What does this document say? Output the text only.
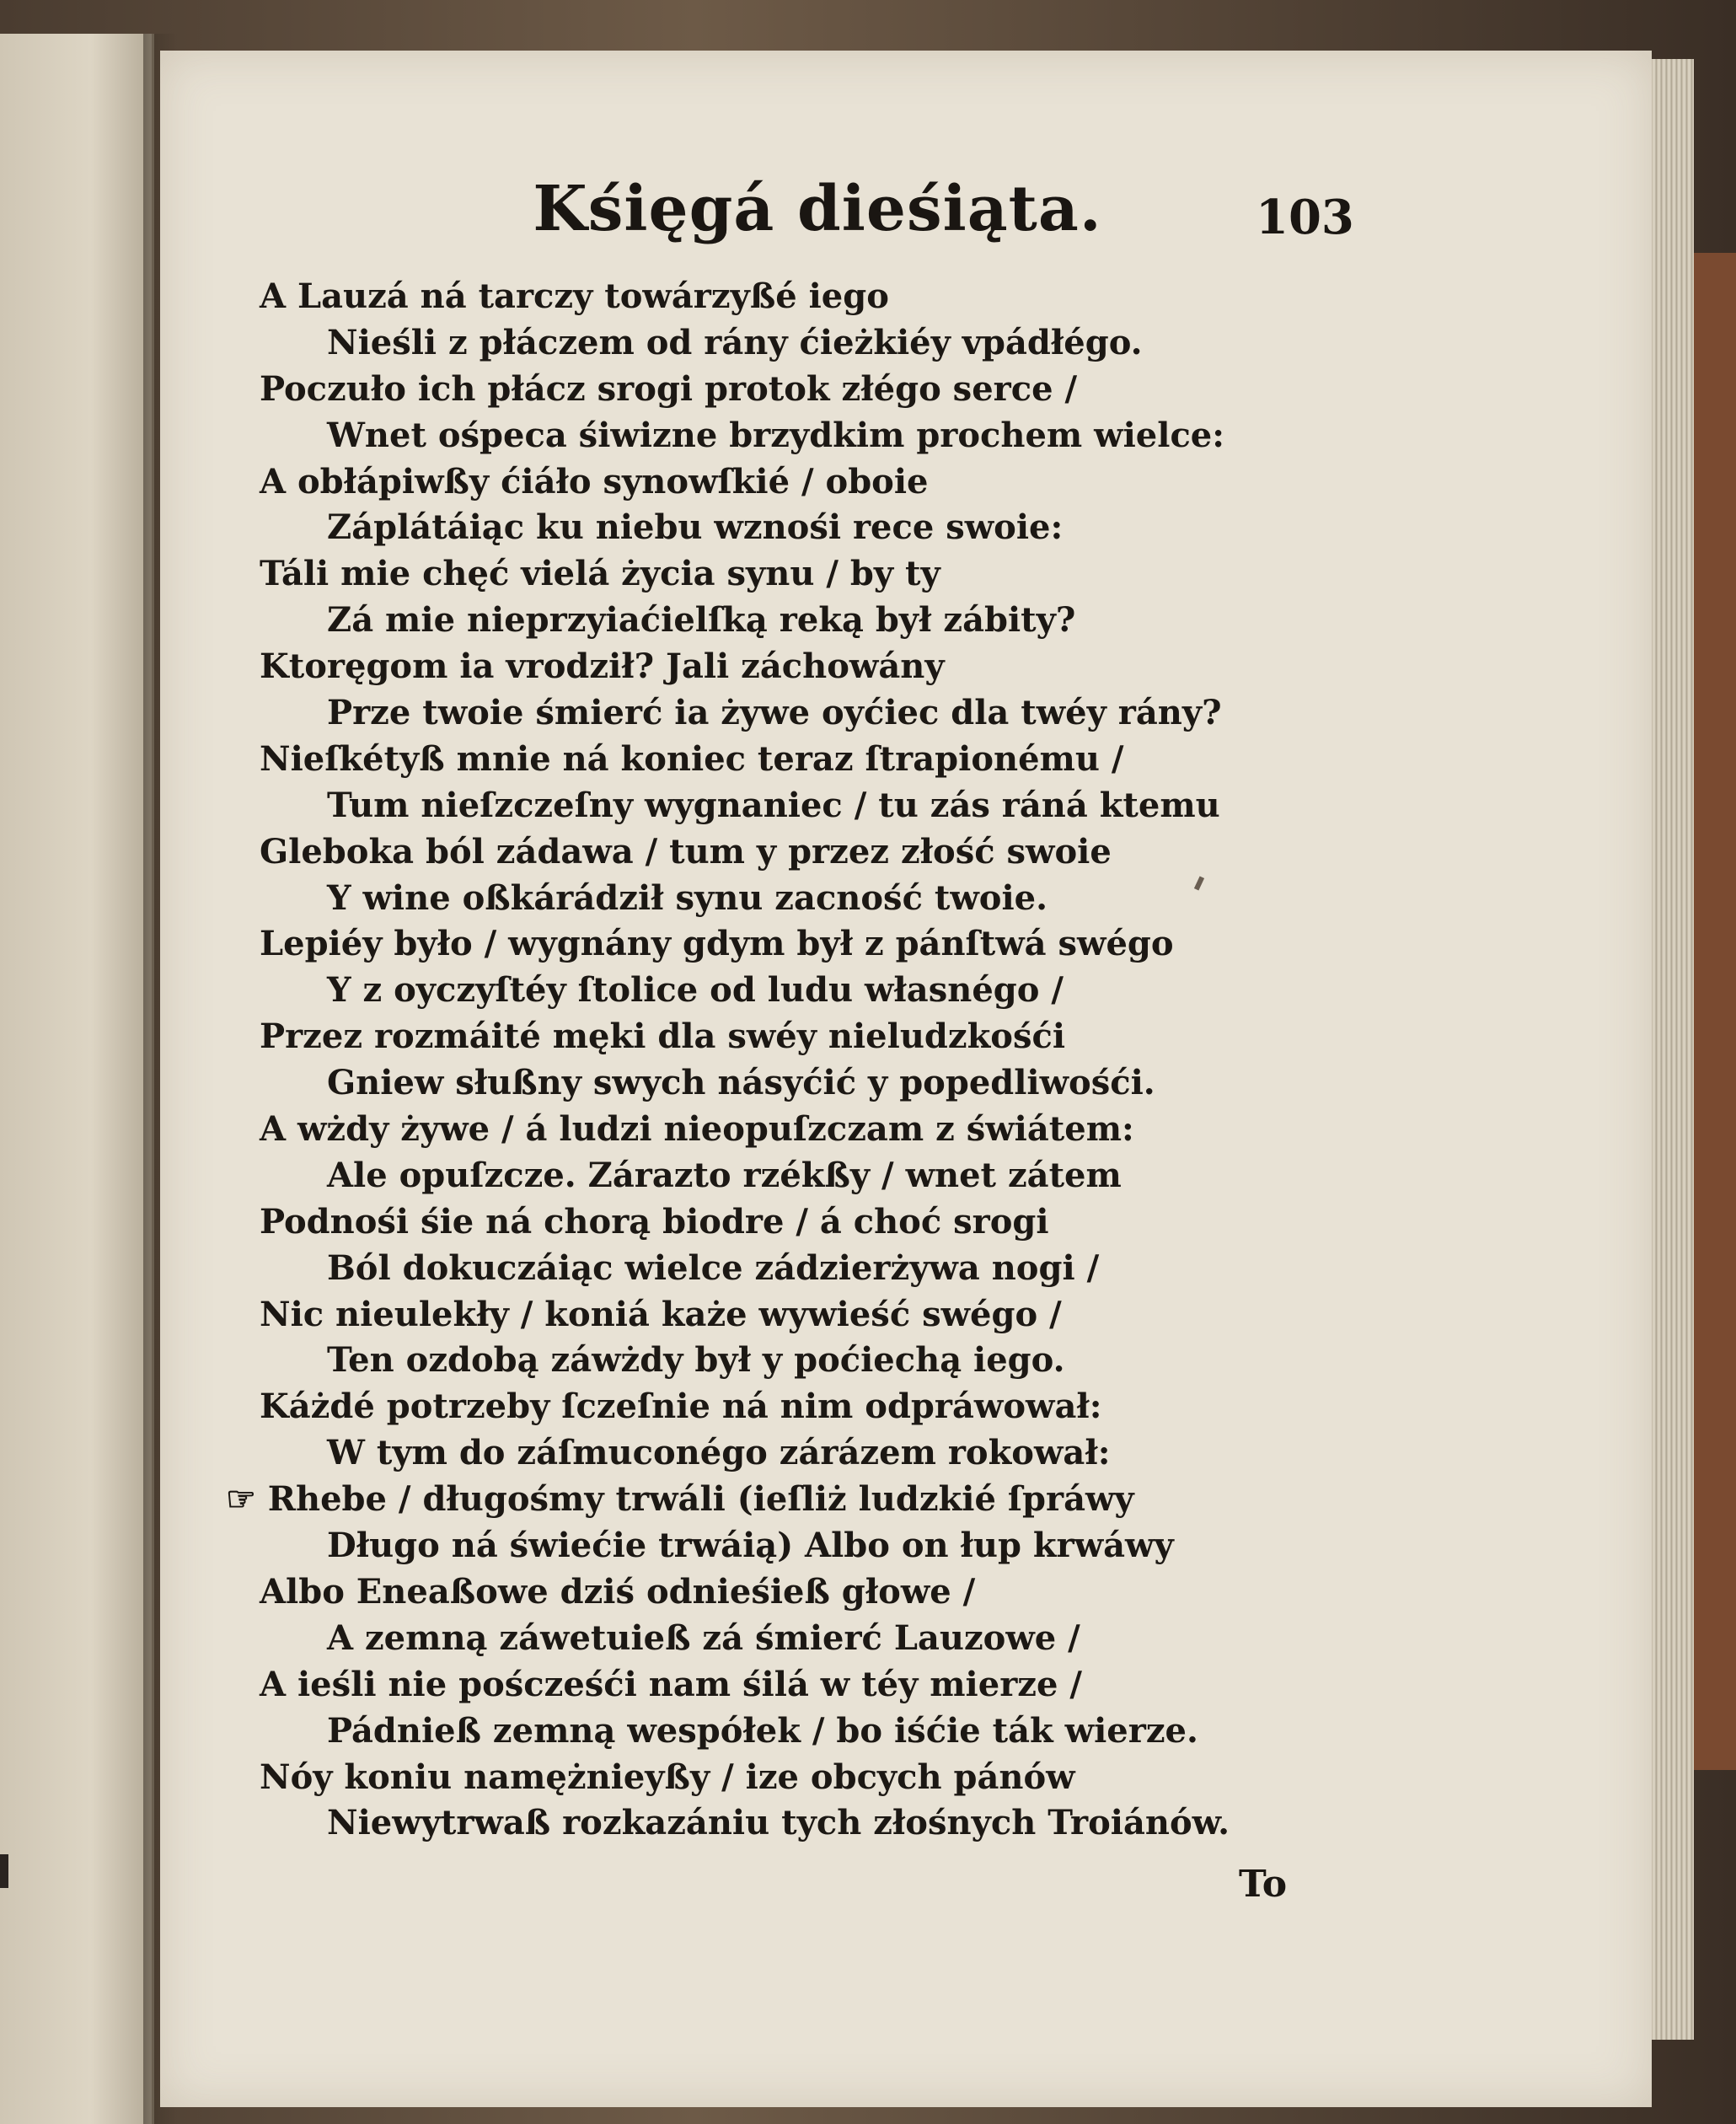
Kśięgá dieśiąta.	103
A Lauzá ná tarczy towárzyßé iego
Nieśli z płáczem od rány ćieżkiéy vpádłégo.
Poczuło ich płácz srogi protok złégo serce /
Wnet ośpeca śiwizne brzydkim prochem wielce:
A obłápiwßy ćiáło synowſkié / oboie
Záplátáiąc ku niebu wznośi rece swoie:
Táli mie chęć vielá życia synu / by ty
Zá mie nieprzyiaćielſką reką był zábity?
Ktoręgom ia vrodził? Jali záchowány
Prze twoie śmierć ia żywe oyćiec dla twéy rány?
Nieſkétyß mnie ná koniec teraz ſtrapionému /
Tum nieſzczeſny wygnaniec / tu zás ráná ktemu
Gleboka ból zádawa / tum y przez złość swoie
Y wine oßkárádził synu zacność twoie.
Lepiéy było / wygnány gdym był z pánſtwá swégo
Y z oyczyſtéy ſtolice od ludu własnégo /
Przez rozmáité męki dla swéy nieludzkośći
Gniew słußny swych násyćić y popedliwośći.
A wżdy żywe / á ludzi nieopuſzczam z świátem:
Ale opuſzcze. Zárazto rzékßy / wnet zátem
Podnośi śie ná chorą biodre / á choć srogi
Ból dokuczáiąc wielce zádzierżywa nogi /
Nic nieulekły / koniá każe wywieść swégo /
Ten ozdobą záwżdy był y poćiechą iego.
Káżdé potrzeby ſczeſnie ná nim odpráwował:
W tym do záſmuconégo zárázem rokował:
☞ Rhebe / długośmy trwáli (ieſliż ludzkié ſpráwy
Długo ná świećie trwáią) Albo on łup krwáwy
Albo Eneaßowe dziś odnieśieß głowe /
A zemną záwetuieß zá śmierć Lauzowe /
A ieśli nie poścześći nam śilá w téy mierze /
Pádnieß zemną wespółek / bo iśćie ták wierze.
Nóy koniu namężnieyßy / ize obcych pánów
Niewytrwaß rozkazániu tych złośnych Troiánów.
To
